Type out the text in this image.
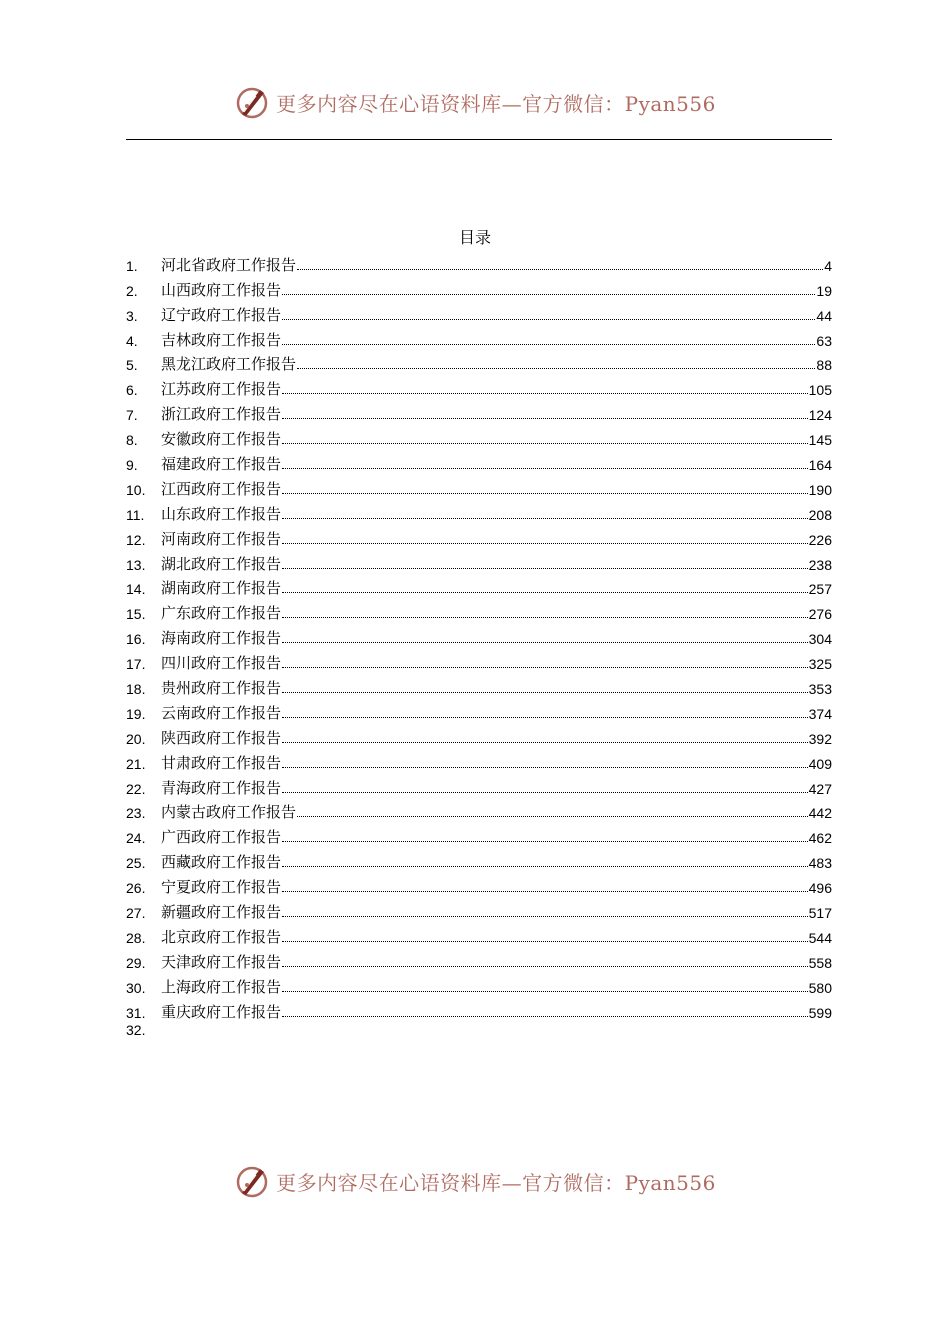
更多内容尽在心语资料库—官方微信：Pyan556
目录
1.	河北省政府工作报告	4
2.	山西政府工作报告	19
3.	辽宁政府工作报告	44
4.	吉林政府工作报告	63
5.	黑龙江政府工作报告	88
6.	江苏政府工作报告	105
7.	浙江政府工作报告	124
8.	安徽政府工作报告	145
9.	福建政府工作报告	164
10.	江西政府工作报告	190
11.	山东政府工作报告	208
12.	河南政府工作报告	226
13.	湖北政府工作报告	238
14.	湖南政府工作报告	257
15.	广东政府工作报告	276
16.	海南政府工作报告	304
17.	四川政府工作报告	325
18.	贵州政府工作报告	353
19.	云南政府工作报告	374
20.	陕西政府工作报告	392
21.	甘肃政府工作报告	409
22.	青海政府工作报告	427
23.	内蒙古政府工作报告	442
24.	广西政府工作报告	462
25.	西藏政府工作报告	483
26.	宁夏政府工作报告	496
27.	新疆政府工作报告	517
28.	北京政府工作报告	544
29.	天津政府工作报告	558
30.	上海政府工作报告	580
31.	重庆政府工作报告	599
32.
更多内容尽在心语资料库—官方微信：Pyan556
